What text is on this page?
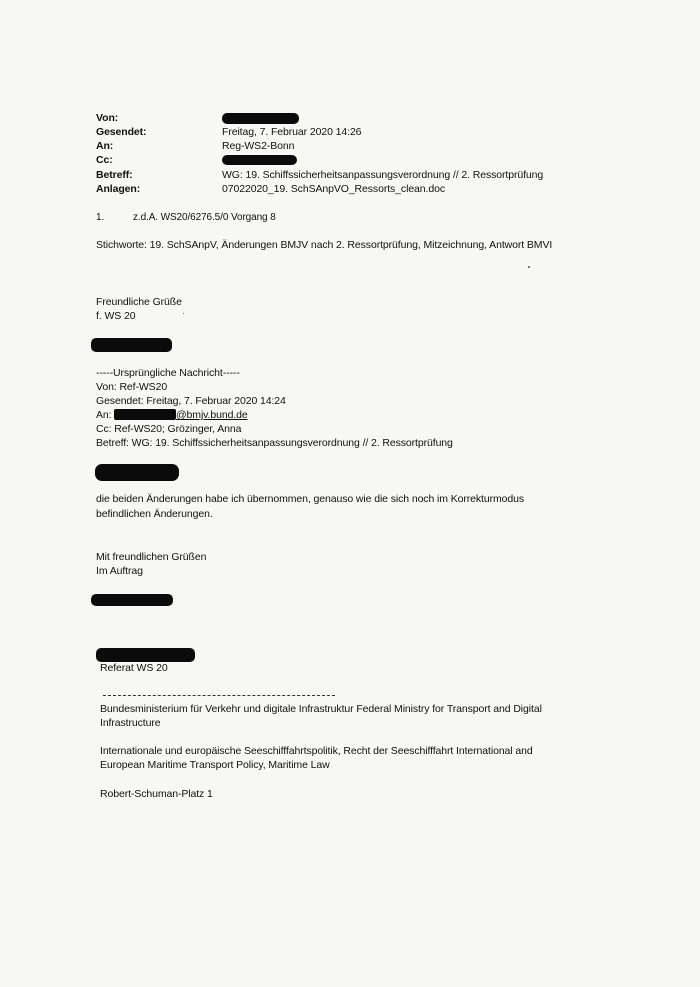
Von:
Gesendet:	Freitag, 7. Februar 2020 14:26
An:	Reg-WS2-Bonn
Cc:
Betreff:	WG: 19. Schiffssicherheitsanpassungsverordnung // 2. Ressortprüfung
Anlagen:	07022020_19. SchSAnpVO_Ressorts_clean.doc
1.	z.d.A. WS20/6276.5/0 Vorgang 8
Stichworte: 19. SchSAnpV, Änderungen BMJV nach 2. Ressortprüfung, Mitzeichnung, Antwort BMVI
Freundliche Grüße
f. WS 20
-----Ursprüngliche Nachricht-----
Von: Ref-WS20
Gesendet: Freitag, 7. Februar 2020 14:24
An:	@bmjv.bund.de
Cc: Ref-WS20; Grözinger, Anna
Betreff: WG: 19. Schiffssicherheitsanpassungsverordnung // 2. Ressortprüfung
die beiden Änderungen habe ich übernommen, genauso wie die sich noch im Korrekturmodus
befindlichen Änderungen.
Mit freundlichen Grüßen
Im Auftrag
Referat WS 20
Bundesministerium für Verkehr und digitale Infrastruktur Federal Ministry for Transport and Digital
Infrastructure
Internationale und europäische Seeschifffahrtspolitik, Recht der Seeschifffahrt International and
European Maritime Transport Policy, Maritime Law
Robert-Schuman-Platz 1
